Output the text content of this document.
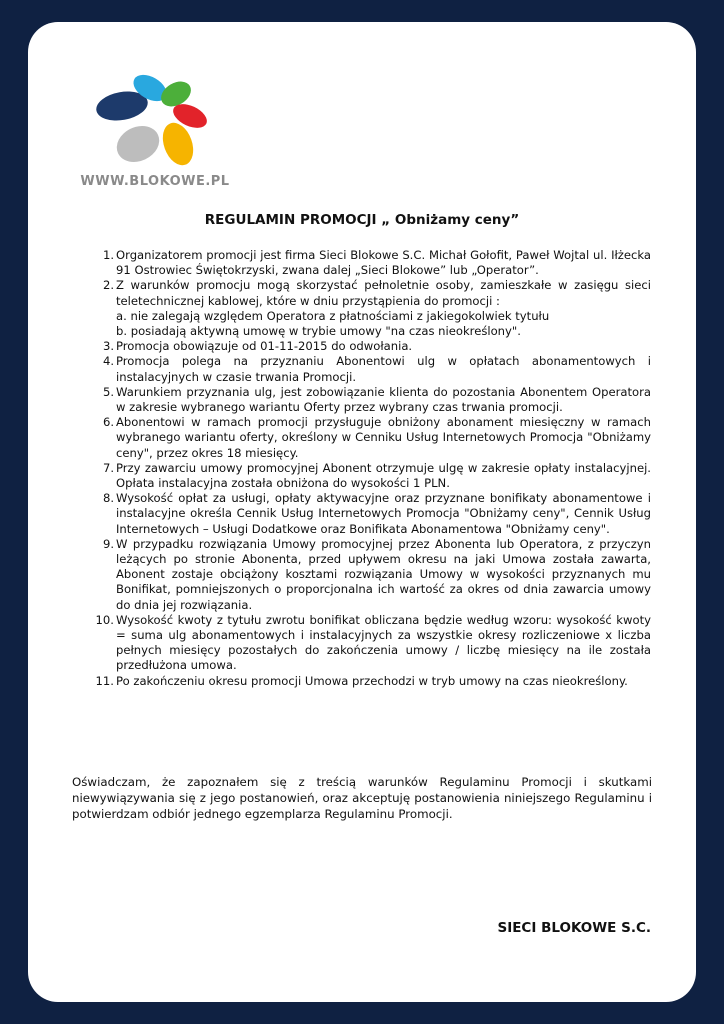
WWW.BLOKOWE.PL
REGULAMIN PROMOCJI „ Obniżamy ceny”
1. Organizatorem promocji jest firma Sieci Blokowe S.C. Michał Gołofit, Paweł Wojtal ul. Iłżecka 91 Ostrowiec Świętokrzyski, zwana dalej „Sieci Blokowe” lub „Operator”.
2. Z warunków promocju mogą skorzystać pełnoletnie osoby, zamieszkałe w zasięgu sieci teletechnicznej kablowej, które w dniu przystąpienia do promocji :
a. nie zalegają względem Operatora z płatnościami z jakiegokolwiek tytułu
b. posiadają aktywną umowę w trybie umowy "na czas nieokreślony".
3. Promocja obowiązuje od 01-11-2015 do odwołania.
4. Promocja polega na przyznaniu Abonentowi ulg w opłatach abonamentowych i instalacyjnych w czasie trwania Promocji.
5. Warunkiem przyznania ulg, jest zobowiązanie klienta do pozostania Abonentem Operatora w zakresie wybranego wariantu Oferty przez wybrany czas trwania promocji.
6. Abonentowi w ramach promocji przysługuje obniżony abonament miesięczny w ramach wybranego wariantu oferty, określony w Cenniku Usług Internetowych Promocja "Obniżamy ceny", przez okres 18 miesięcy.
7. Przy zawarciu umowy promocyjnej Abonent otrzymuje ulgę w zakresie opłaty instalacyjnej. Opłata instalacyjna została obniżona do wysokości 1 PLN.
8. Wysokość opłat za usługi, opłaty aktywacyjne oraz przyznane bonifikaty abonamentowe i instalacyjne określa Cennik Usług Internetowych Promocja "Obniżamy ceny", Cennik Usług Internetowych – Usługi Dodatkowe oraz Bonifikata Abonamentowa "Obniżamy ceny".
9. W przypadku rozwiązania Umowy promocyjnej przez Abonenta lub Operatora, z przyczyn leżących po stronie Abonenta, przed upływem okresu na jaki Umowa została zawarta, Abonent zostaje obciążony kosztami rozwiązania Umowy w wysokości przyznanych mu Bonifikat, pomniejszonych o proporcjonalna ich wartość za okres od dnia zawarcia umowy do dnia jej rozwiązania.
10. Wysokość kwoty z tytułu zwrotu bonifikat obliczana będzie według wzoru: wysokość kwoty = suma ulg abonamentowych i instalacyjnych za wszystkie okresy rozliczeniowe x liczba pełnych miesięcy pozostałych do zakończenia umowy / liczbę miesięcy na ile została przedłużona umowa.
11. Po zakończeniu okresu promocji Umowa przechodzi w tryb umowy na czas nieokreślony.
Oświadczam, że zapoznałem się z treścią warunków Regulaminu Promocji i skutkami niewywiązywania się z jego postanowień, oraz akceptuję postanowienia niniejszego Regulaminu i potwierdzam odbiór jednego egzemplarza Regulaminu Promocji.
SIECI BLOKOWE S.C.
